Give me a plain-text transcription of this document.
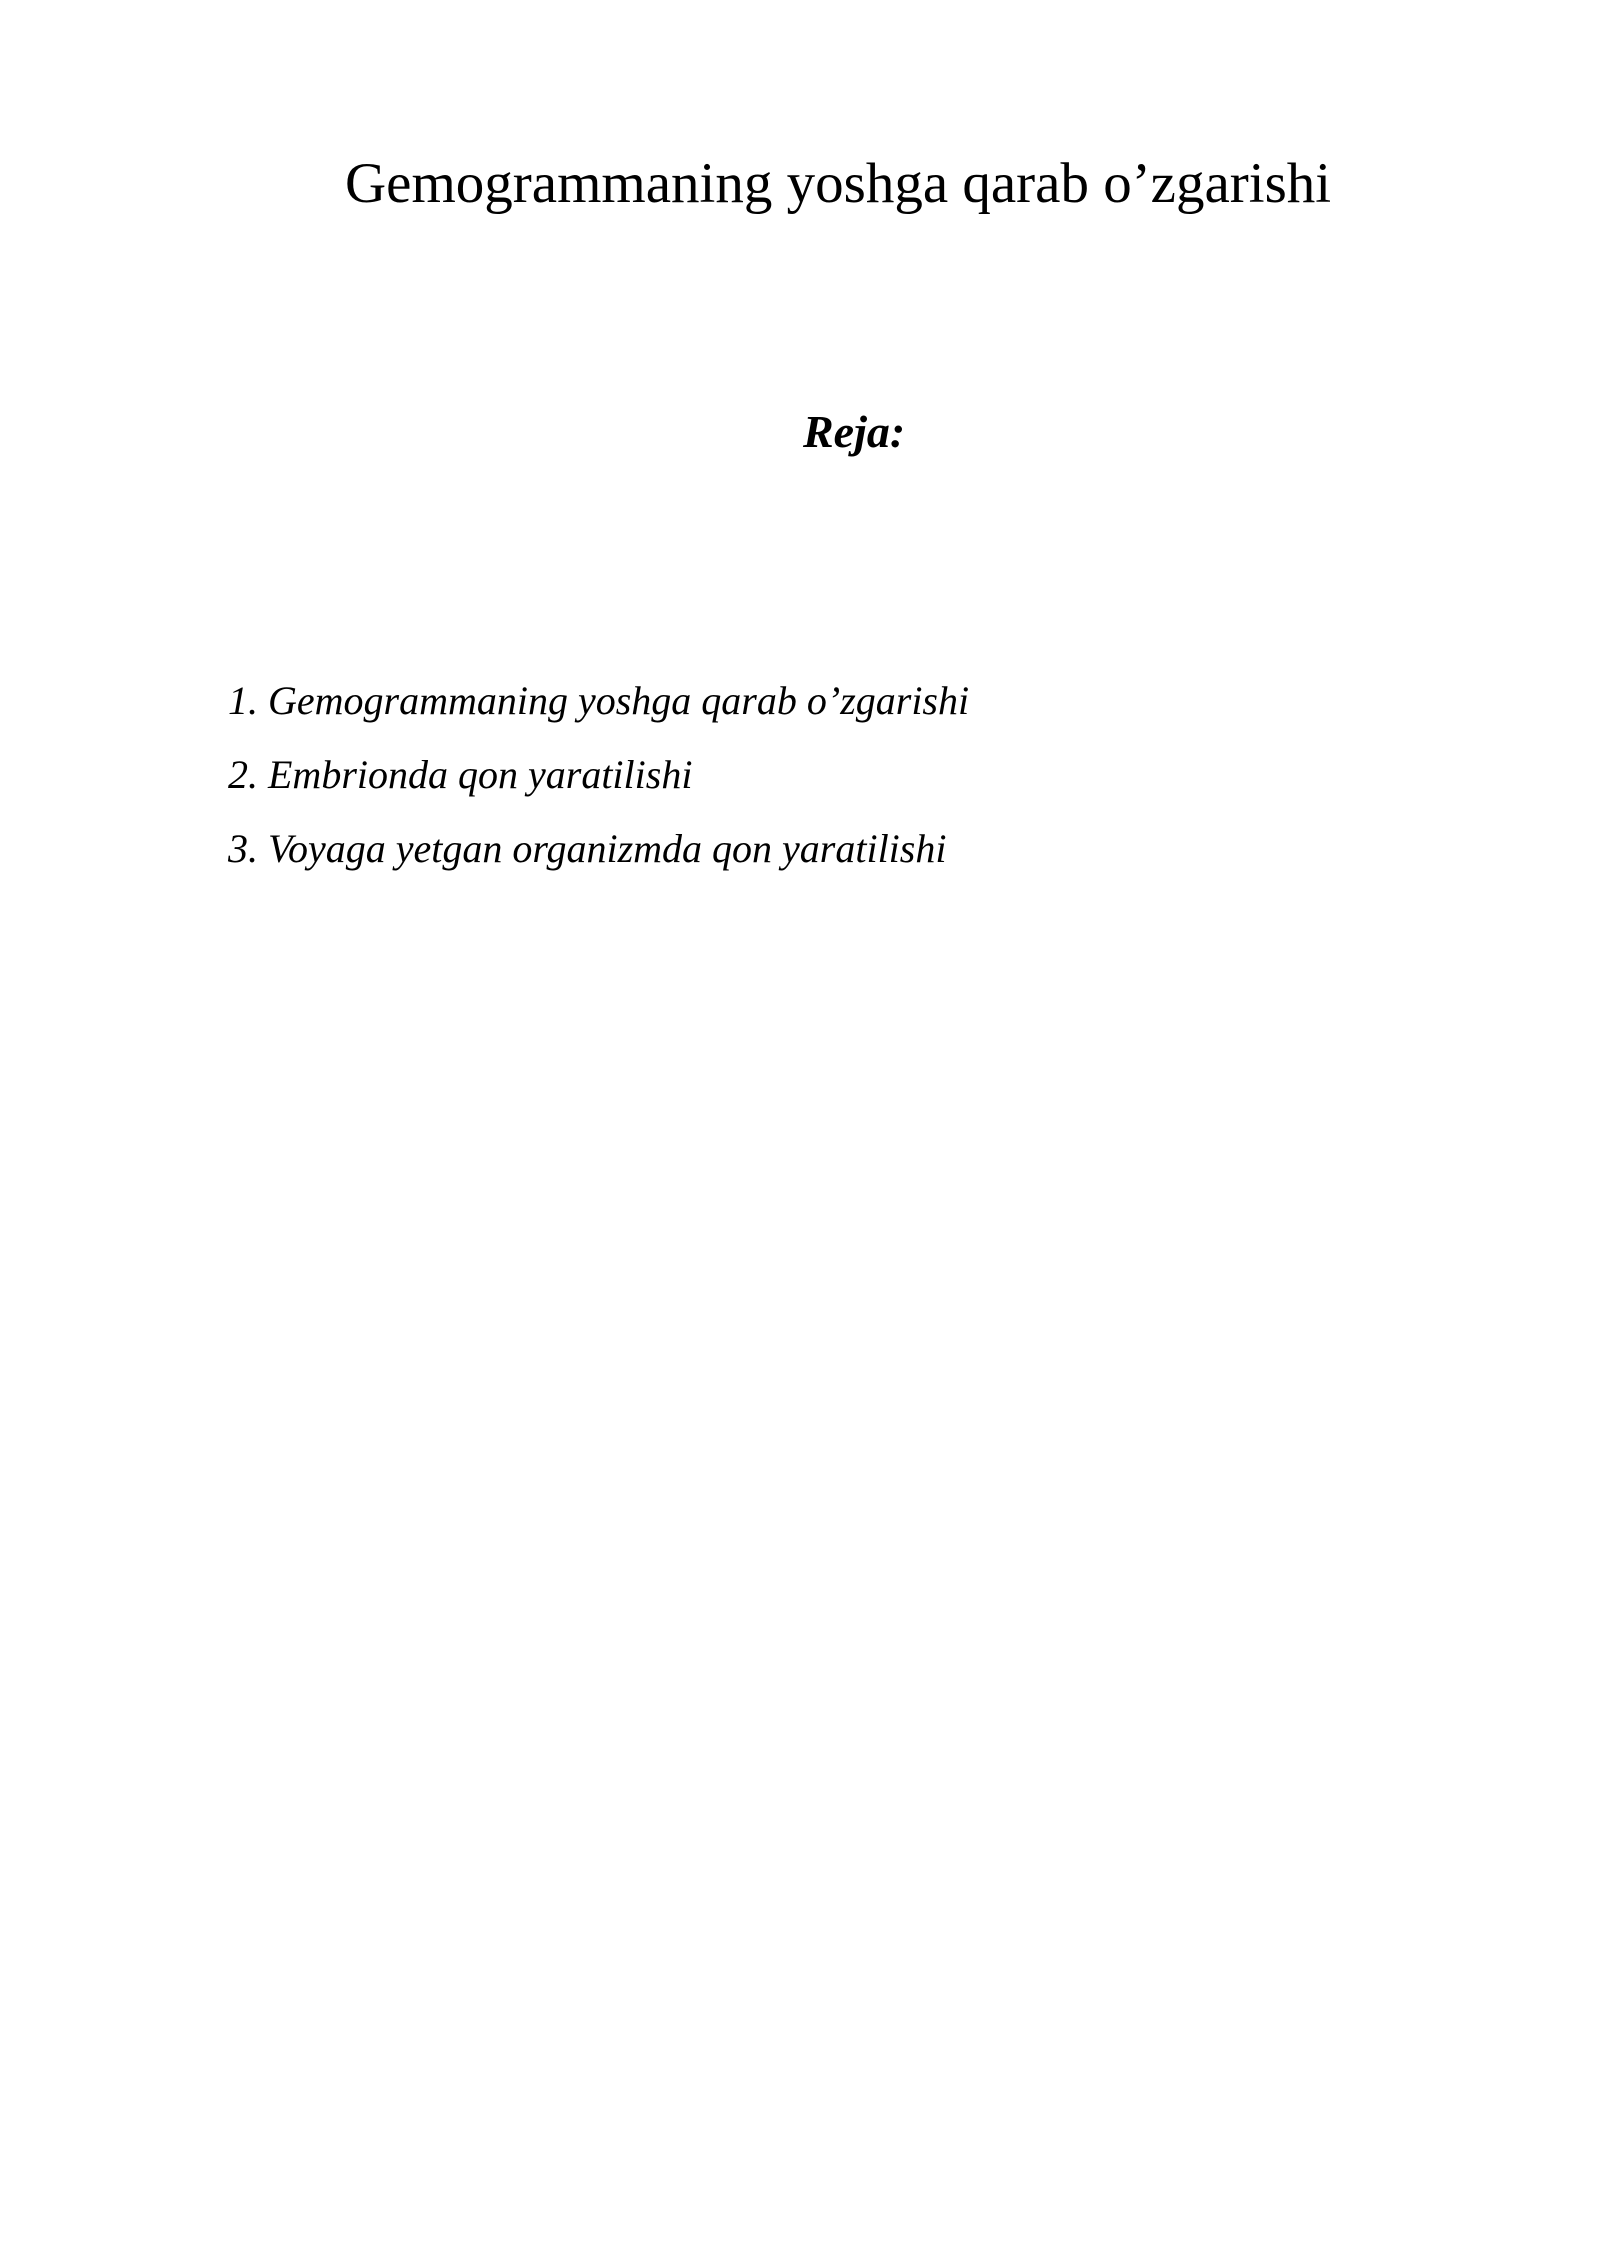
Gemogrammaning yoshga qarab o’zgarishi
Reja:
1. Gemogrammaning yoshga qarab o’zgarishi
2. Embrionda qon yaratilishi
3. Voyaga yetgan organizmda qon yaratilishi
